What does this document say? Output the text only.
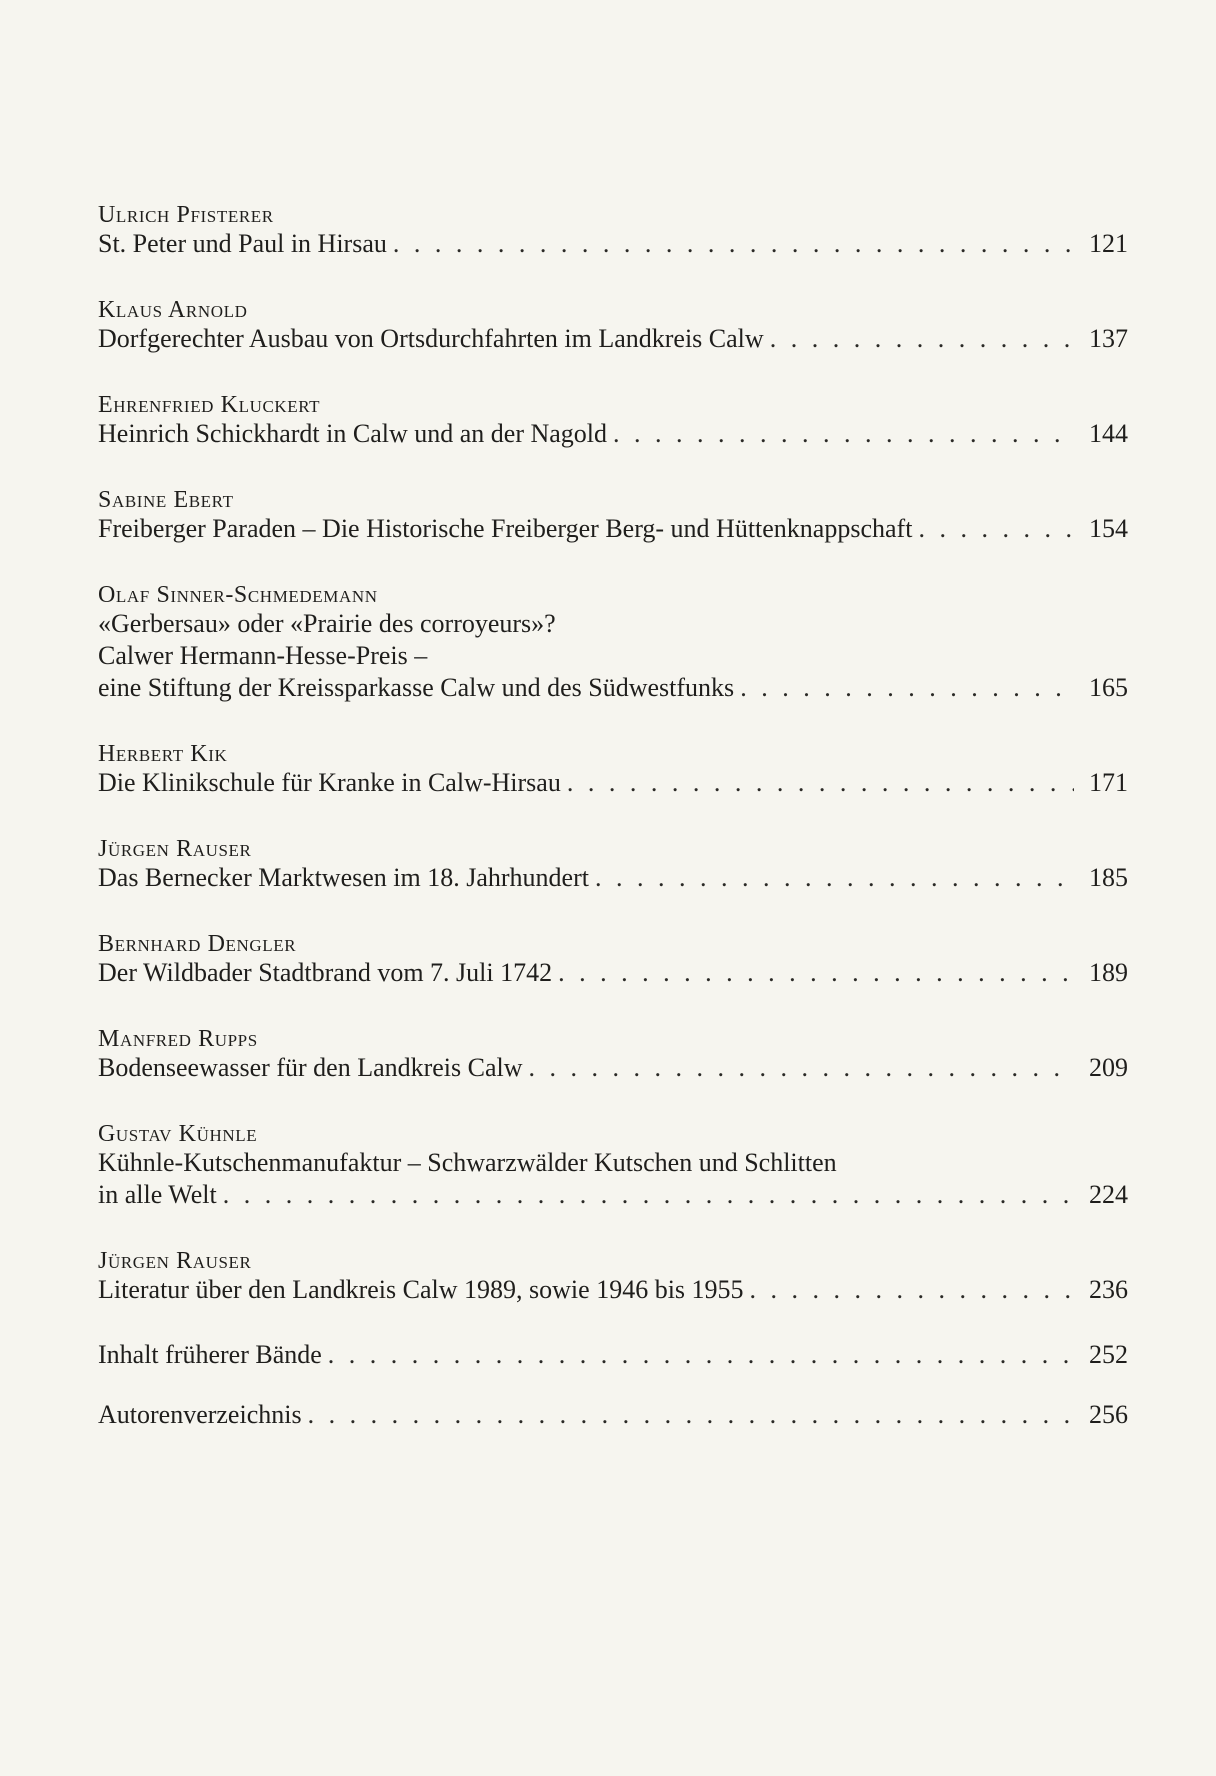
Ulrich Pfisterer
St. Peter und Paul in Hirsau . . .	121
Klaus Arnold
Dorfgerechter Ausbau von Ortsdurchfahrten im Landkreis Calw . . .	137
Ehrenfried Kluckert
Heinrich Schickhardt in Calw und an der Nagold . . .	144
Sabine Ebert
Freiberger Paraden – Die Historische Freiberger Berg- und Hüttenknappschaft . . .	154
Olaf Sinner-Schmedemann
«Gerbersau» oder «Prairie des corroyeurs»?
Calwer Hermann-Hesse-Preis –
eine Stiftung der Kreissparkasse Calw und des Südwestfunks . . .	165
Herbert Kik
Die Klinikschule für Kranke in Calw-Hirsau . . .	171
Jürgen Rauser
Das Bernecker Marktwesen im 18. Jahrhundert . . .	185
Bernhard Dengler
Der Wildbader Stadtbrand vom 7. Juli 1742 . . .	189
Manfred Rupps
Bodenseewasser für den Landkreis Calw . . .	209
Gustav Kühnle
Kühnle-Kutschenmanufaktur – Schwarzwälder Kutschen und Schlitten
in alle Welt . . .	224
Jürgen Rauser
Literatur über den Landkreis Calw 1989, sowie 1946 bis 1955 . . .	236
Inhalt früherer Bände . . .	252
Autorenverzeichnis . . .	256
